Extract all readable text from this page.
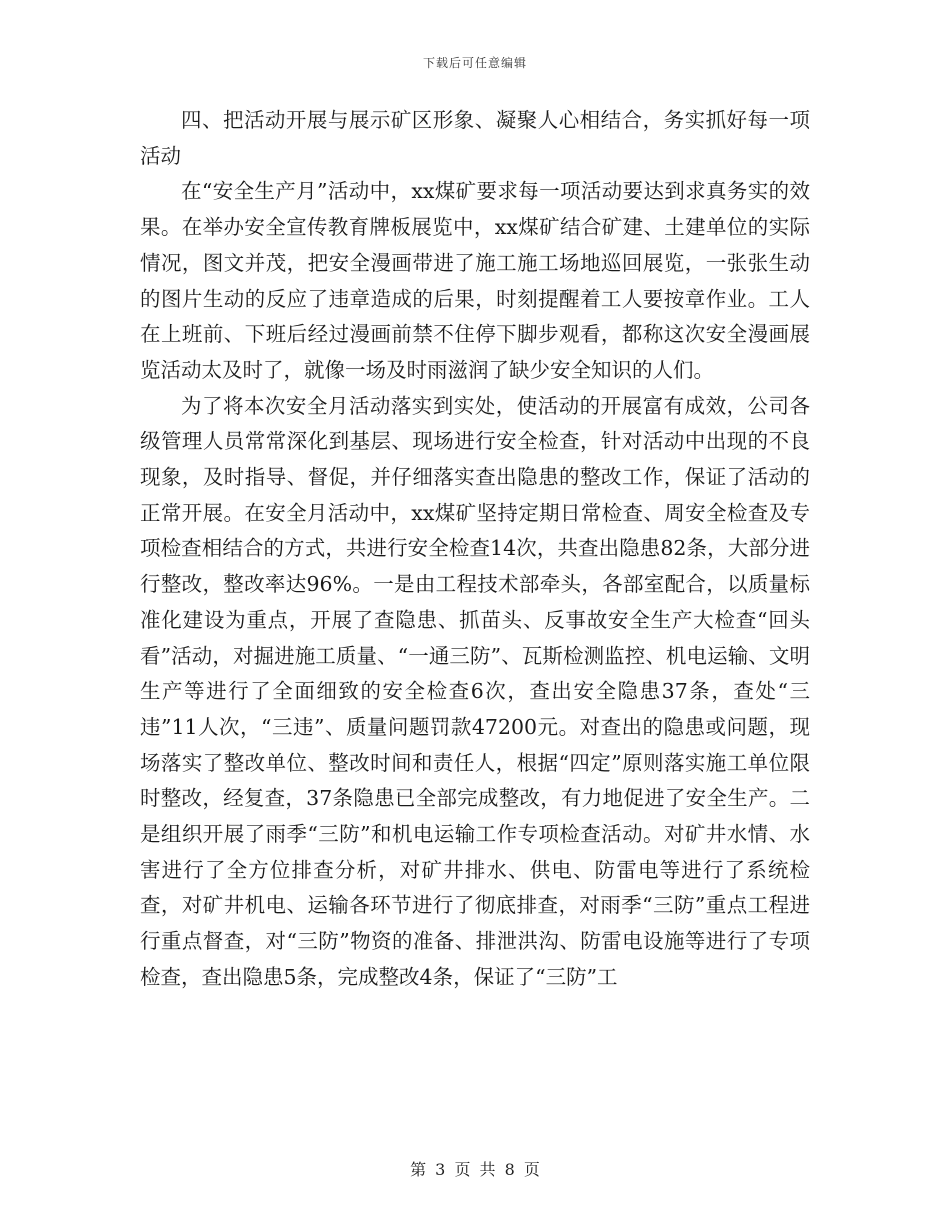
下载后可任意编辑

四、把活动开展与展示矿区形象、凝聚人心相结合，务实抓好每一项活动

在“安全生产月”活动中，xx煤矿要求每一项活动要达到求真务实的效果。在举办安全宣传教育牌板展览中，xx煤矿结合矿建、土建单位的实际情况，图文并茂，把安全漫画带进了施工施工场地巡回展览，一张张生动的图片生动的反应了违章造成的后果，时刻提醒着工人要按章作业。工人在上班前、下班后经过漫画前禁不住停下脚步观看，都称这次安全漫画展览活动太及时了，就像一场及时雨滋润了缺少安全知识的人们。

为了将本次安全月活动落实到实处，使活动的开展富有成效，公司各级管理人员常常深化到基层、现场进行安全检查，针对活动中出现的不良现象，及时指导、督促，并仔细落实查出隐患的整改工作，保证了活动的正常开展。在安全月活动中，xx煤矿坚持定期日常检查、周安全检查及专项检查相结合的方式，共进行安全检查14次，共查出隐患82条，大部分进行整改，整改率达96%。一是由工程技术部牵头，各部室配合，以质量标准化建设为重点，开展了查隐患、抓苗头、反事故安全生产大检查“回头看”活动，对掘进施工质量、“一通三防”、瓦斯检测监控、机电运输、文明生产等进行了全面细致的安全检查6次，查出安全隐患37条，查处“三违”11人次，“三违”、质量问题罚款47200元。对查出的隐患或问题，现场落实了整改单位、整改时间和责任人，根据“四定”原则落实施工单位限时整改，经复查，37条隐患已全部完成整改，有力地促进了安全生产。二是组织开展了雨季“三防”和机电运输工作专项检查活动。对矿井水情、水害进行了全方位排查分析，对矿井排水、供电、防雷电等进行了系统检查，对矿井机电、运输各环节进行了彻底排查，对雨季“三防”重点工程进行重点督查，对“三防”物资的准备、排泄洪沟、防雷电设施等进行了专项检查，查出隐患5条，完成整改4条，保证了“三防”工

第 3 页 共 8 页
